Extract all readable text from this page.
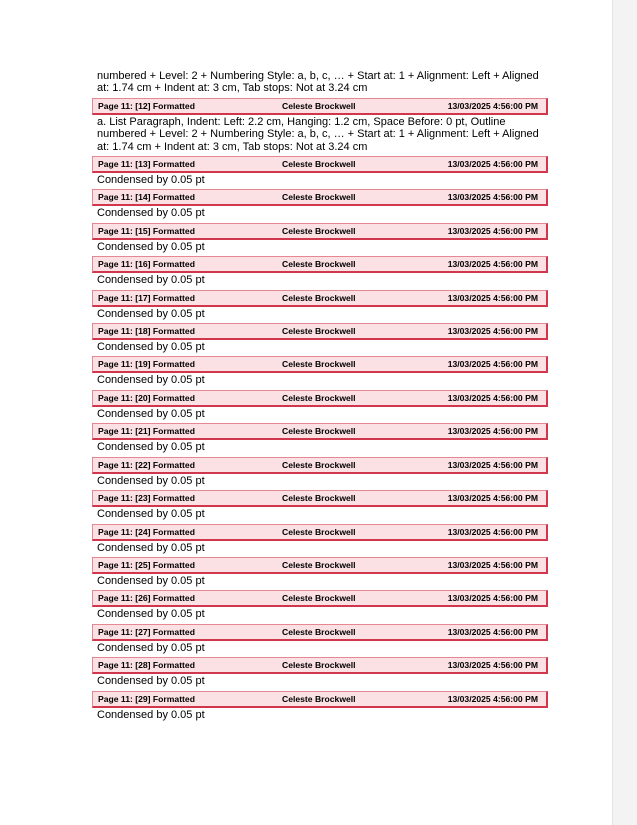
numbered + Level: 2 + Numbering Style: a, b, c, … + Start at: 1 + Alignment: Left + Aligned at: 1.74 cm + Indent at: 3 cm, Tab stops: Not at 3.24 cm
Page 11: [12] Formatted	Celeste Brockwell	13/03/2025 4:56:00 PM
a. List Paragraph, Indent: Left: 2.2 cm, Hanging: 1.2 cm, Space Before: 0 pt, Outline numbered + Level: 2 + Numbering Style: a, b, c, … + Start at: 1 + Alignment: Left + Aligned at: 1.74 cm + Indent at: 3 cm, Tab stops: Not at 3.24 cm
Page 11: [13] Formatted	Celeste Brockwell	13/03/2025 4:56:00 PM
Condensed by 0.05 pt
Page 11: [14] Formatted	Celeste Brockwell	13/03/2025 4:56:00 PM
Condensed by 0.05 pt
Page 11: [15] Formatted	Celeste Brockwell	13/03/2025 4:56:00 PM
Condensed by 0.05 pt
Page 11: [16] Formatted	Celeste Brockwell	13/03/2025 4:56:00 PM
Condensed by 0.05 pt
Page 11: [17] Formatted	Celeste Brockwell	13/03/2025 4:56:00 PM
Condensed by 0.05 pt
Page 11: [18] Formatted	Celeste Brockwell	13/03/2025 4:56:00 PM
Condensed by 0.05 pt
Page 11: [19] Formatted	Celeste Brockwell	13/03/2025 4:56:00 PM
Condensed by 0.05 pt
Page 11: [20] Formatted	Celeste Brockwell	13/03/2025 4:56:00 PM
Condensed by 0.05 pt
Page 11: [21] Formatted	Celeste Brockwell	13/03/2025 4:56:00 PM
Condensed by 0.05 pt
Page 11: [22] Formatted	Celeste Brockwell	13/03/2025 4:56:00 PM
Condensed by 0.05 pt
Page 11: [23] Formatted	Celeste Brockwell	13/03/2025 4:56:00 PM
Condensed by 0.05 pt
Page 11: [24] Formatted	Celeste Brockwell	13/03/2025 4:56:00 PM
Condensed by 0.05 pt
Page 11: [25] Formatted	Celeste Brockwell	13/03/2025 4:56:00 PM
Condensed by 0.05 pt
Page 11: [26] Formatted	Celeste Brockwell	13/03/2025 4:56:00 PM
Condensed by 0.05 pt
Page 11: [27] Formatted	Celeste Brockwell	13/03/2025 4:56:00 PM
Condensed by 0.05 pt
Page 11: [28] Formatted	Celeste Brockwell	13/03/2025 4:56:00 PM
Condensed by 0.05 pt
Page 11: [29] Formatted	Celeste Brockwell	13/03/2025 4:56:00 PM
Condensed by 0.05 pt
